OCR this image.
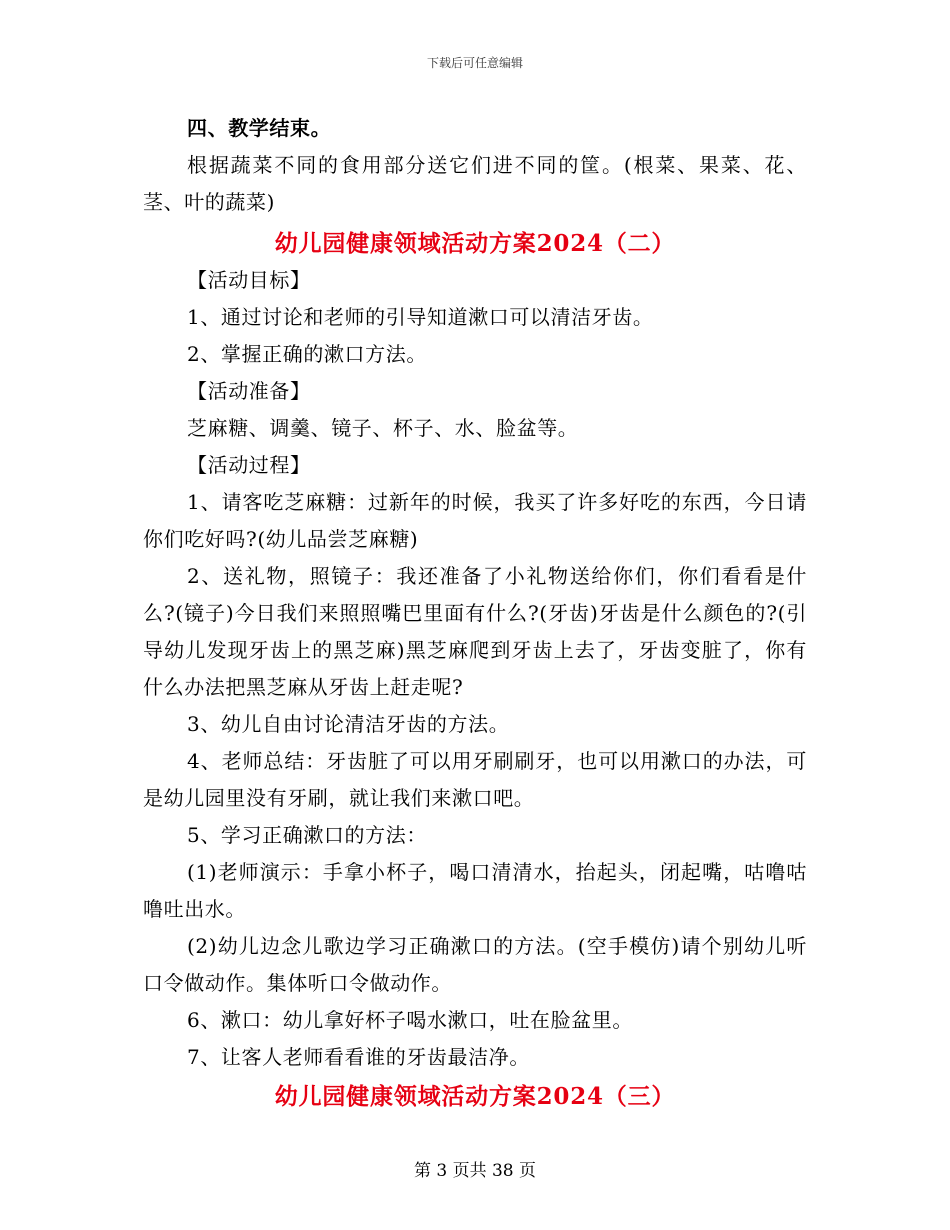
下载后可任意编辑

四、教学结束。

根据蔬菜不同的食用部分送它们进不同的筐。(根菜、果菜、花、茎、叶的蔬菜)

幼儿园健康领域活动方案2024（二）

【活动目标】

1、通过讨论和老师的引导知道漱口可以清洁牙齿。

2、掌握正确的漱口方法。

【活动准备】

芝麻糖、调羹、镜子、杯子、水、脸盆等。

【活动过程】

1、请客吃芝麻糖：过新年的时候，我买了许多好吃的东西，今日请你们吃好吗?(幼儿品尝芝麻糖)

2、送礼物，照镜子：我还准备了小礼物送给你们，你们看看是什么?(镜子)今日我们来照照嘴巴里面有什么?(牙齿)牙齿是什么颜色的?(引导幼儿发现牙齿上的黑芝麻)黑芝麻爬到牙齿上去了，牙齿变脏了，你有什么办法把黑芝麻从牙齿上赶走呢?

3、幼儿自由讨论清洁牙齿的方法。

4、老师总结：牙齿脏了可以用牙刷刷牙，也可以用漱口的办法，可是幼儿园里没有牙刷，就让我们来漱口吧。

5、学习正确漱口的方法：

(1)老师演示：手拿小杯子，喝口清清水，抬起头，闭起嘴，咕噜咕噜吐出水。

(2)幼儿边念儿歌边学习正确漱口的方法。(空手模仿)请个别幼儿听口令做动作。集体听口令做动作。

6、漱口：幼儿拿好杯子喝水漱口，吐在脸盆里。

7、让客人老师看看谁的牙齿最洁净。

幼儿园健康领域活动方案2024（三）
第 3 页共 38 页
